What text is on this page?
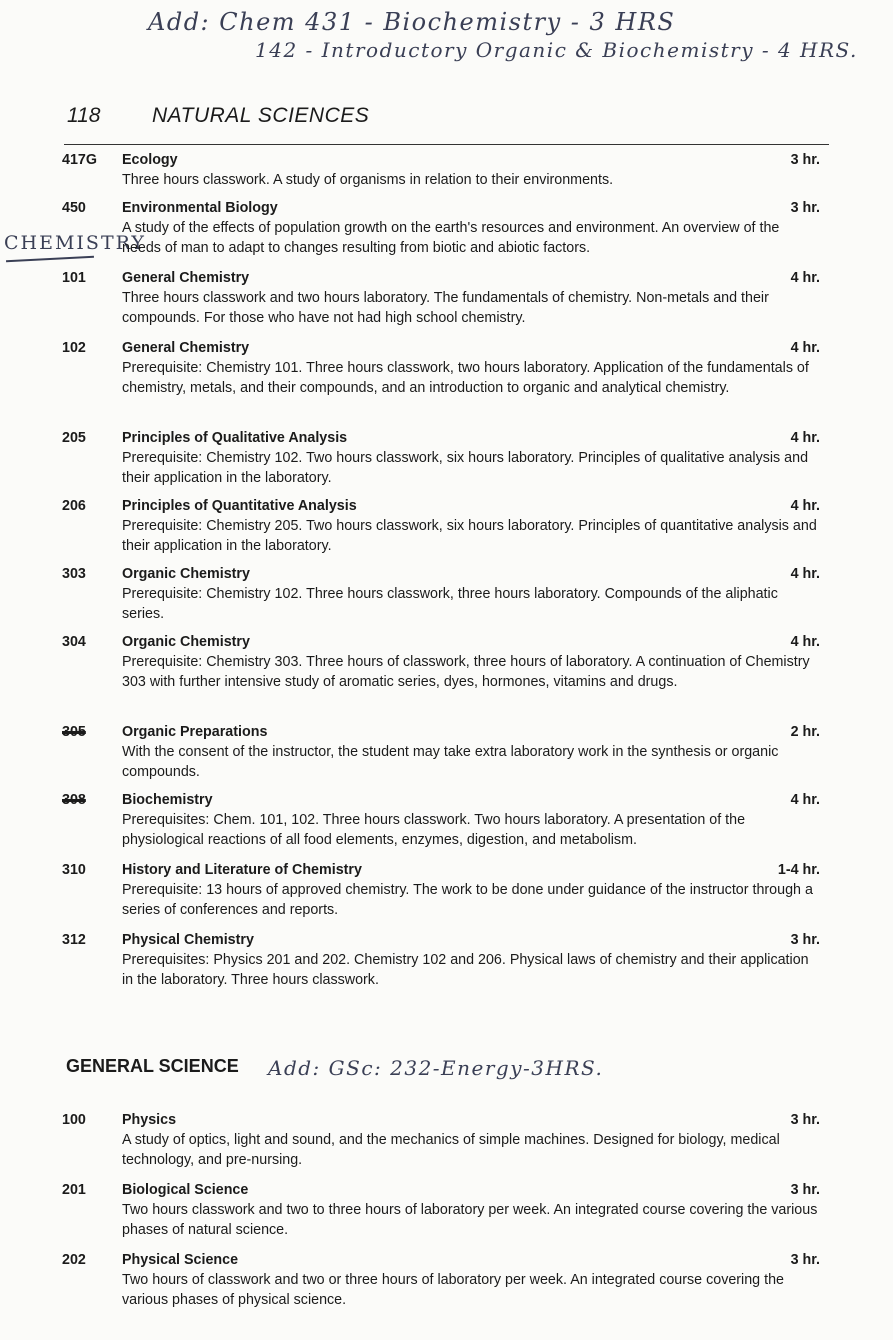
Add: Chem 431 - Biochemistry - 3 HRS
142 - Introductory Organic & Biochemistry - 4 HRS.
118 NATURAL SCIENCES
CHEMISTRY
417G	Ecology	3 hr.
Three hours classwork. A study of organisms in relation to their environments.
450	Environmental Biology	3 hr.
A study of the effects of population growth on the earth's resources and environment. An overview of the needs of man to adapt to changes resulting from biotic and abiotic factors.
101	General Chemistry	4 hr.
Three hours classwork and two hours laboratory. The fundamentals of chemistry. Non-metals and their compounds. For those who have not had high school chemistry.
102	General Chemistry	4 hr.
Prerequisite: Chemistry 101. Three hours classwork, two hours laboratory. Application of the fundamentals of chemistry, metals, and their compounds, and an introduction to organic and analytical chemistry.
205	Principles of Qualitative Analysis	4 hr.
Prerequisite: Chemistry 102. Two hours classwork, six hours laboratory. Principles of qualitative analysis and their application in the laboratory.
206	Principles of Quantitative Analysis	4 hr.
Prerequisite: Chemistry 205. Two hours classwork, six hours laboratory. Principles of quantitative analysis and their application in the laboratory.
303	Organic Chemistry	4 hr.
Prerequisite: Chemistry 102. Three hours classwork, three hours laboratory. Compounds of the aliphatic series.
304	Organic Chemistry	4 hr.
Prerequisite: Chemistry 303. Three hours of classwork, three hours of laboratory. A continuation of Chemistry 303 with further intensive study of aromatic series, dyes, hormones, vitamins and drugs.
305	Organic Preparations	2 hr.
With the consent of the instructor, the student may take extra laboratory work in the synthesis or organic compounds.
308	Biochemistry	4 hr.
Prerequisites: Chem. 101, 102. Three hours classwork. Two hours laboratory. A presentation of the physiological reactions of all food elements, enzymes, digestion, and metabolism.
310	History and Literature of Chemistry	1-4 hr.
Prerequisite: 13 hours of approved chemistry. The work to be done under guidance of the instructor through a series of conferences and reports.
312	Physical Chemistry	3 hr.
Prerequisites: Physics 201 and 202. Chemistry 102 and 206. Physical laws of chemistry and their application in the laboratory. Three hours classwork.
GENERAL SCIENCE Add: GSc: 232-Energy-3HRS.
100	Physics	3 hr.
A study of optics, light and sound, and the mechanics of simple machines. Designed for biology, medical technology, and pre-nursing.
201	Biological Science	3 hr.
Two hours classwork and two to three hours of laboratory per week. An integrated course covering the various phases of natural science.
202	Physical Science	3 hr.
Two hours of classwork and two or three hours of laboratory per week. An integrated course covering the various phases of physical science.
